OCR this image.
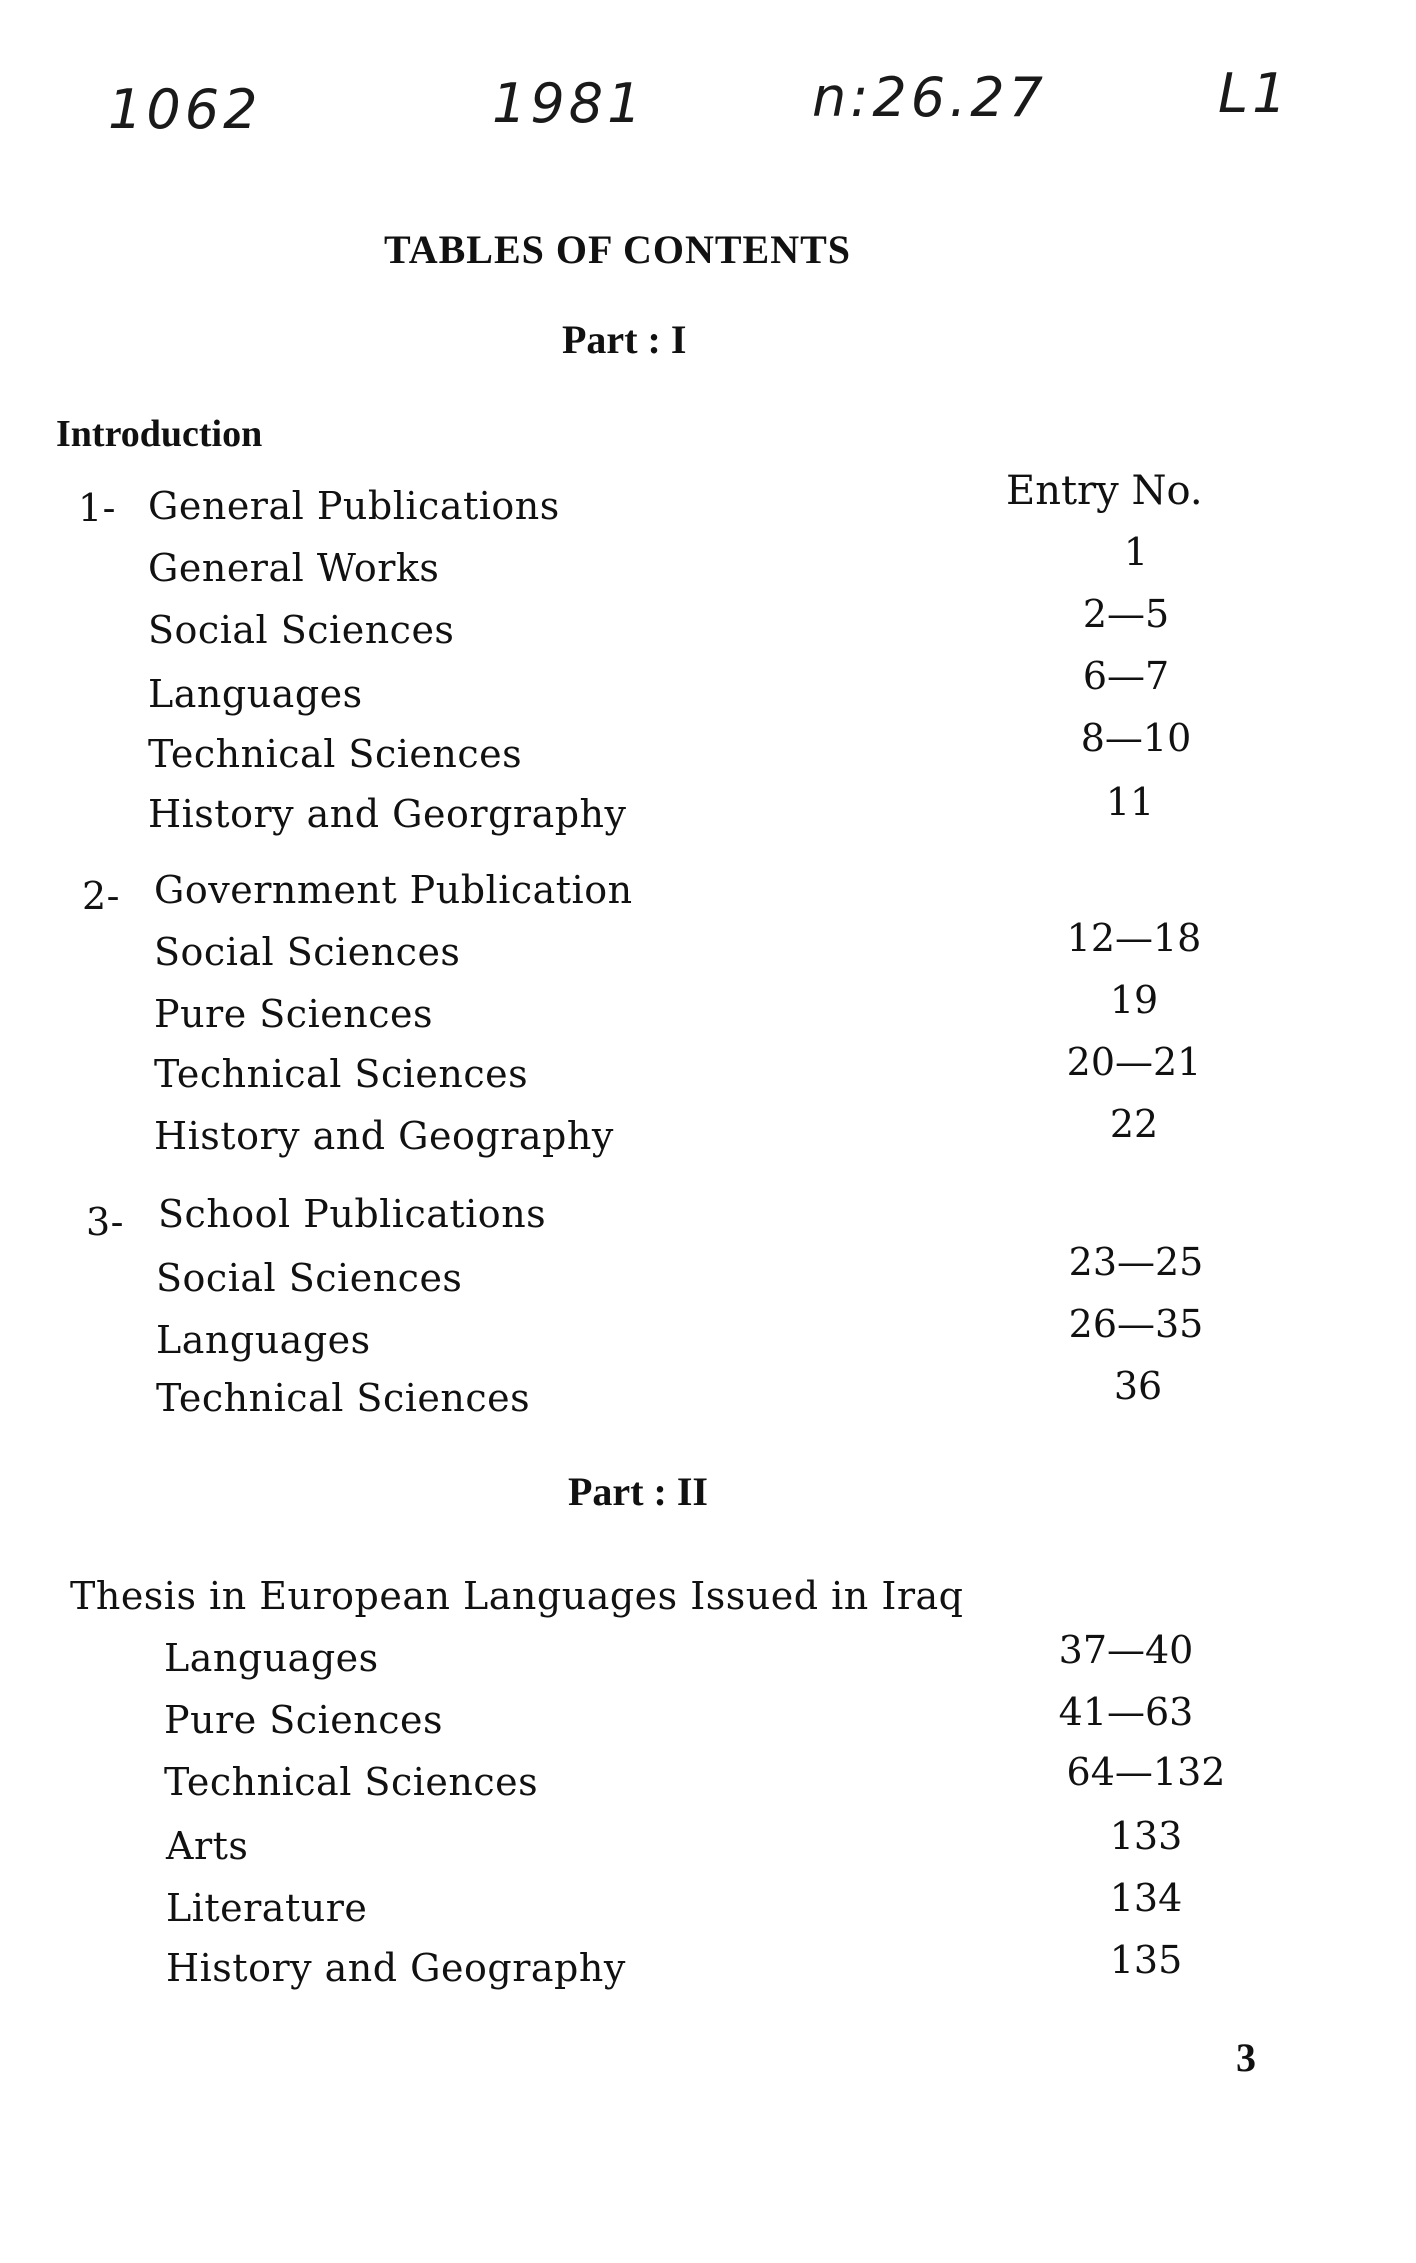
1062	1981	n:26.27	L1
TABLES OF CONTENTS
Part : I
Introduction
Entry No.
1- General Publications
General Works	1
Social Sciences	2—5
Languages	6—7
Technical Sciences	8—10
History and Georgraphy	11
2- Government Publication
Social Sciences	12—18
Pure Sciences	19
Technical Sciences	20—21
History and Geography	22
3- School Publications
Social Sciences	23—25
Languages	26—35
Technical Sciences	36
Part : II
Thesis in European Languages Issued in Iraq
Languages	37—40
Pure Sciences	41—63
Technical Sciences	64—132
Arts	133
Literature	134
History and Geography	135
3
